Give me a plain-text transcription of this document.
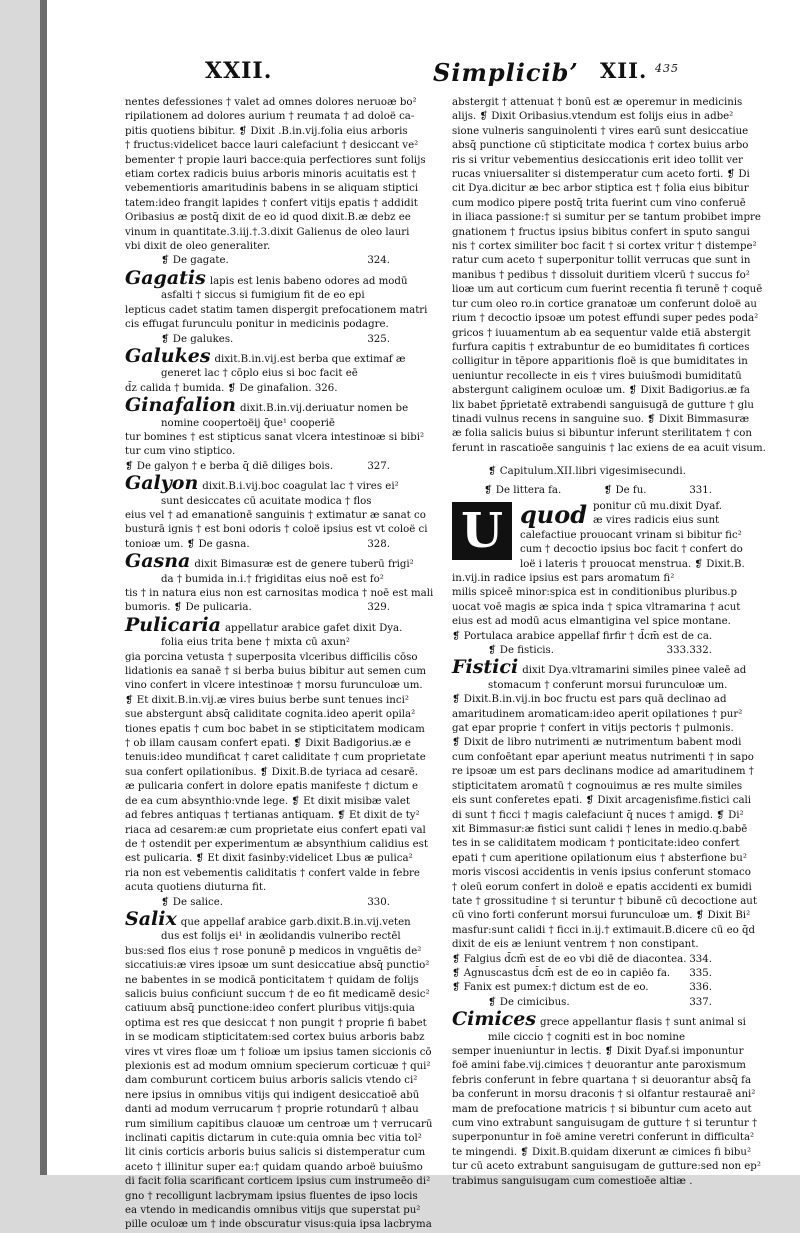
XXII.	Simplicib’ XII. 435
nentes defessiones † valet ad omnes dolores neruoæ bo²
ripilationem ad dolores aurium † reumata † ad doloë ca-
pitis quotiens bibitur. ❡ Dixit .B.in.vij.folia eius arboris
† fructus:videlicet bacce lauri calefaciunt † desiccant ve²
bementer † propie lauri bacce:quia perfectiores sunt folijs
etiam cortex radicis buius arboris minoris acuitatis est †
vebementioris amaritudinis babens in se aliquam stiptici
tatem:ideo frangit lapides † confert vitijs epatis † addidit
Oribasius æ postq̄ dixit de eo id quod dixit.B.æ debz ee
vinum in quantitate.3.iij.†.3.dixit Galienus de oleo lauri
vbi dixit de oleo generaliter.
❡ De gagate.	324.
Gagatis lapis est lenis babeno odores ad modū
asfalti † siccus si fumigium fit de eo epi
lepticus cadet statim tamen dispergit prefocationem matri
cis effugat furunculu ponitur in medicinis podagre.
❡ De galukes.	325.
Galukes dixit.B.in.vij.est berba que extimaf æ
generet lac † cōplo eius si boc facit eē
d̄z calida † bumida. ❡ De ginafalion. 326.
Ginafalion dixit.B.in.vij.deriuatur nomen be
nomine coopertoëij q̄ue¹ cooperiē
tur bomines † est stipticus sanat vlcera intestinoæ si bibi²
tur cum vino stiptico.
❡ De galyon † e berba q̄ diē diliges bois.	327.
Galyon dixit.B.i.vij.boc coagulat lac † vires ei²
sunt desiccates cū acuitate modica † flos
eius vel † ad emanationē sanguinis † extimatur æ sanat co
busturā ignis † est boni odoris † coloë ipsius est vt coloë ci
tonioæ um. ❡ De gasna.	328.
Gasna dixit Bimasuræ est de genere tuberū frigi²
da † bumida in.i.† frigiditas eius noē est fo²
tis † in natura eius non est carnositas modica † noē est mali
bumoris. ❡ De pulicaria.	329.
Pulicaria appellatur arabice gafet dixit Dya.
folia eius trita bene † mixta cū axun²
gia porcina vetusta † superposita vlceribus difficilis cōso
lidationis ea sanaē † si berba buius bibitur aut semen cum
vino confert in vlcere intestinoæ † morsu furunculoæ um.
❡ Et dixit.B.in.vij.æ vires buius berbe sunt tenues inci²
sue abstergunt absq̄ caliditate cognita.ideo aperit opila²
tiones epatis † cum boc babet in se stipticitatem modicam
† ob illam causam confert epati. ❡ Dixit Badigorius.æ e
tenuis:ideo mundificat † caret caliditate † cum proprietate
sua confert opilationibus. ❡ Dixit.B.de tyriaca ad cesarē.
æ pulicaria confert in dolore epatis manifeste † dictum e
de ea cum absynthio:vnde lege. ❡ Et dixit misibæ valet
ad febres antiquas † tertianas antiquam. ❡ Et dixit de ty²
riaca ad cesarem:æ cum proprietate eius confert epati val
de † ostendit per experimentum æ absynthium calidius est
est pulicaria. ❡ Et dixit fasinby:videlicet Lbus æ pulica²
ria non est vebementis caliditatis † confert valde in febre
acuta quotiens diuturna fit.
❡ De salice.	330.
Salix que appellaf arabice garb.dixit.B.in.vij.veten
dus est folijs ei¹ in æolidandis vulneribo rectēl
bus:sed flos eius † rose ponunē p medicos in vnguētis de²
siccatiuis:æ vires ipsoæ um sunt desiccatiue absq̄ punctio²
ne babentes in se modicā ponticitatem † quidam de folijs
salicis buius conficiunt succum † de eo fit medicamē desic²
catiuum absq̄ punctione:ideo confert pluribus vitijs:quia
optima est res que desiccat † non pungit † proprie fi babet
in se modicam stipticitatem:sed cortex buius arboris babz
vires vt vires floæ um † folioæ um ipsius tamen siccionis cō
plexionis est ad modum omnium specierum corticuæ † qui²
dam comburunt corticem buius arboris salicis vtendo ci²
nere ipsius in omnibus vitijs qui indigent desiccatioē abū
danti ad modum verrucarum † proprie rotundarū † albau
rum similium capitibus clauoæ um centroæ um † verrucarū
inclinati capitis dictarum in cute:quia omnia bec vitia tol²
lit cinis corticis arboris buius salicis si distemperatur cum
aceto † illinitur super ea:† quidam quando arboë buius̄mo
di facit folia scarificant corticem ipsius cum instrumeēo di²
gno † recolligunt lacbrymam ipsius fluentes de ipso locis
ea vtendo in medicandis omnibus vitijs que superstat pu²
pille oculoæ um † inde obscuratur visus:quia ipsa lacbryma
abstergit † attenuat † bonū est æ operemur in medicinis
alijs. ❡ Dixit Oribasius.vtendum est folijs eius in adbe²
sione vulneris sanguinolenti † vires earū sunt desiccatiue
absq̄ punctione cū stipticitate modica † cortex buius arbo
ris si vritur vebementius desiccationis erit ideo tollit ver
rucas vniuersaliter si distemperatur cum aceto forti. ❡ Di
cit Dya.dicitur æ bec arbor stiptica est † folia eius bibitur
cum modico pipere postq̄ trita fuerint cum vino conferuē
in iliaca passione:† si sumitur per se tantum probibet impre
gnationem † fructus ipsius bibitus confert in sputo sangui
nis † cortex similiter boc facit † si cortex vritur † distempe²
ratur cum aceto † superponitur tollit verrucas que sunt in
manibus † pedibus † dissoluit duritiem vlcerū † succus fo²
lioæ um aut corticum cum fuerint recentia fi terunē † coquē
tur cum oleo ro.in cortice granatoæ um conferunt doloë au
rium † decoctio ipsoæ um potest effundi super pedes poda²
gricos † iuuamentum ab ea sequentur valde etiā abstergit
furfura capitis † extrabuntur de eo bumiditates fi cortices
colligitur in tēpore apparitionis floë is que bumiditates in
ueniuntur recollecte in eis † vires buius̄modi bumiditatū
abstergunt caliginem oculoæ um. ❡ Dixit Badigorius.æ fa
lix babet p̄prietatē extrabendi sanguisugā de gutture † glu
tinadi vulnus recens in sanguine suo. ❡ Dixit Bimmasuræ
æ folia salicis buius si bibuntur inferunt sterilitatem † con
ferunt in rascatioēe sanguinis † lac exiens de ea acuit visum.
❡ Capitulum.XII.libri vigesimisecundi.
❡ De littera fa.	❡ De fu.	331.
U quod ponitur cū mu.dixit Dyaf.
æ vires radicis eius sunt
calefactiue prouocant vrinam si bibitur fic²
cum † decoctio ipsius boc facit † confert do
loë i lateris † prouocat menstrua. ❡ Dixit.B.
in.vij.in radice ipsius est pars aromatum fi²
milis spiceē minor:spica est in conditionibus pluribus.p
uocat voē magis æ spica inda † spica vltramarina † acut
eius est ad modū acus elmantigina vel spice montane.
❡ Portulaca arabice appellaf firfir † d̄cm̄ est de ca.
332.
❡ De fisticis.	333.
Fistici dixit Dya.vltramarini similes pinee valeē ad
stomacum † conferunt morsui furunculoæ um.
❡ Dixit.B.in.vij.in boc fructu est pars quā declinao ad
amaritudinem aromaticam:ideo aperit opilationes † pur²
gat epar proprie † confert in vitijs pectoris † pulmonis.
❡ Dixit de libro nutrimenti æ nutrimentum babent modi
cum confoētant epar aperiunt meatus nutrimenti † in sapo
re ipsoæ um est pars declinans modice ad amaritudinem †
stipticitatem aromatū † cognouimus æ res multe similes
eis sunt conferetes epati. ❡ Dixit arcagenisfime.fistici cali
di sunt † ficci † magis calefaciunt q̄ nuces † amigd. ❡ Di²
xit Bimmasur:æ fistici sunt calidi † lenes in medio.q.babē
tes in se caliditatem modicam † ponticitate:ideo confert
epati † cum aperitione opilationum eius † absterfione bu²
moris viscosi accidentis in venis ipsius conferunt stomaco
† oleū eorum confert in doloë e epatis accidenti ex bumidi
tate † grossitudine † si teruntur † bibunē cū decoctione aut
cū vino forti conferunt morsui furunculoæ um. ❡ Dixit Bi²
masfur:sunt calidi † ficci in.ij.† extimauit.B.dicere cū eo q̄d
dixit de eis æ leniunt ventrem † non constipant.
❡ Falgius d̄cm̄ est de eo vbi diē de diacontea. 334.
❡ Agnuscastus d̄cm̄ est de eo in capiēo fa. 335.
❡ Fanix est pumex:† dictum est de eo.	336.
❡ De cimicibus.	337.
Cimices grece appellantur flasis † sunt animal si
mile ciccio † cogniti est in boc nomine
semper inueniuntur in lectis. ❡ Dixit Dyaf.si imponuntur
foë amini fabe.vij.cimices † deuorantur ante paroxismum
febris conferunt in febre quartana † si deuorantur absq̄ fa
ba conferunt in morsu draconis † si olfantur restauraē ani²
mam de prefocatione matricis † si bibuntur cum aceto aut
cum vino extrabunt sanguisugam de gutture † si teruntur †
superponuntur in foë amine veretri conferunt in difficulta²
te mingendi. ❡ Dixit.B.quidam dixerunt æ cimices fi bibu²
tur cū aceto extrabunt sanguisugam de gutture:sed non ep²
trabimus sanguisugam cum comestioēe altiæ .
